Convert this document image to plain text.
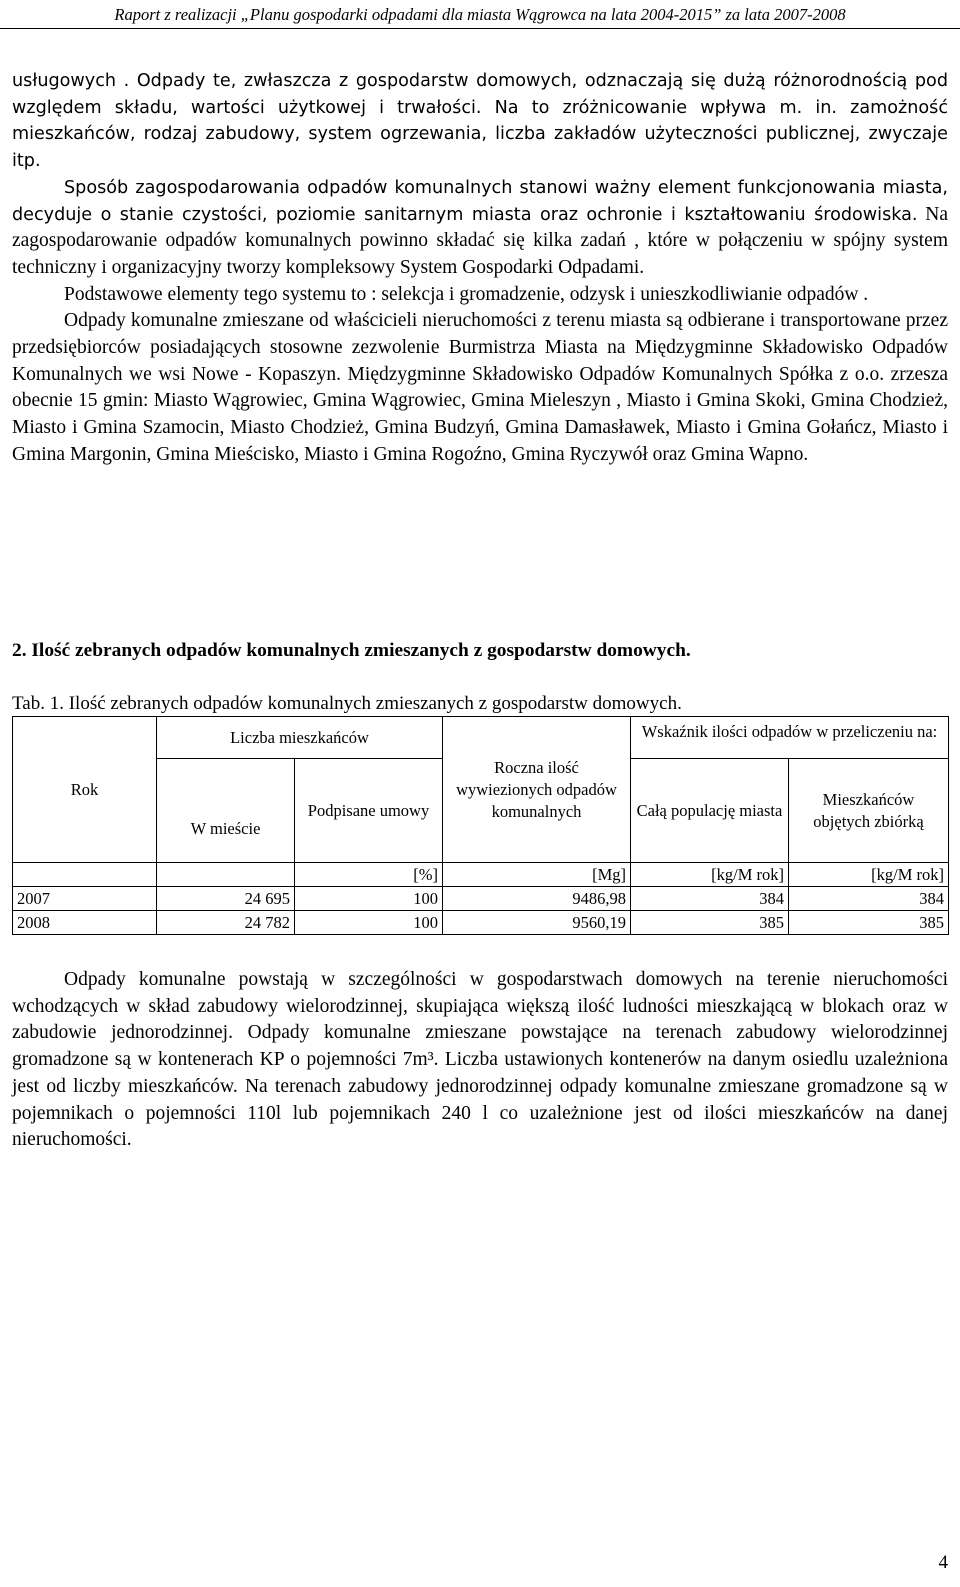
Raport z realizacji „Planu gospodarki odpadami dla miasta Wągrowca na lata 2004-2015” za lata 2007-2008

usługowych . Odpady te, zwłaszcza z gospodarstw domowych, odznaczają się dużą różnorodnością pod względem składu, wartości użytkowej i trwałości. Na to zróżnicowanie wpływa m. in. zamożność mieszkańców, rodzaj zabudowy, system ogrzewania, liczba zakładów użyteczności publicznej, zwyczaje itp.

Sposób zagospodarowania odpadów komunalnych stanowi ważny element funkcjonowania miasta, decyduje o stanie czystości, poziomie sanitarnym miasta oraz ochronie i kształtowaniu środowiska. Na zagospodarowanie odpadów komunalnych powinno składać się kilka zadań , które w połączeniu w spójny system techniczny i organizacyjny tworzy kompleksowy System Gospodarki Odpadami.

Podstawowe elementy tego systemu to : selekcja i gromadzenie, odzysk i unieszkodliwianie odpadów .

Odpady komunalne zmieszane od właścicieli nieruchomości z terenu miasta są odbierane i transportowane przez przedsiębiorców posiadających stosowne zezwolenie Burmistrza Miasta na Międzygminne Składowisko Odpadów Komunalnych we wsi Nowe - Kopaszyn. Międzygminne Składowisko Odpadów Komunalnych Spółka z o.o. zrzesza obecnie 15 gmin: Miasto Wągrowiec, Gmina Wągrowiec, Gmina Mieleszyn , Miasto i Gmina Skoki, Gmina Chodzież, Miasto i Gmina Szamocin, Miasto Chodzież, Gmina Budzyń, Gmina Damasławek, Miasto i Gmina Gołańcz, Miasto i Gmina Margonin, Gmina Mieścisko, Miasto i Gmina Rogoźno, Gmina Ryczywół oraz Gmina Wapno.

2. Ilość zebranych odpadów komunalnych zmieszanych z gospodarstw domowych.
Tab. 1. Ilość zebranych odpadów komunalnych zmieszanych z gospodarstw domowych.
Rok	Liczba mieszkańców		Roczna ilość wywiezionych odpadów komunalnych	Wskaźnik ilości odpadów w przeliczeniu na:	
	W mieście	Podpisane umowy		Całą populację miasta	Mieszkańców objętych zbiórką
		[%]	[Mg]	[kg/M rok]	[kg/M rok]
2007	24 695	100	9486,98	384	384
2008	24 782	100	9560,19	385	385

Odpady komunalne powstają w szczególności w gospodarstwach domowych na terenie nieruchomości wchodzących w skład zabudowy wielorodzinnej, skupiająca większą ilość ludności mieszkającą w blokach oraz w zabudowie jednorodzinnej. Odpady komunalne zmieszane powstające na terenach zabudowy wielorodzinnej gromadzone są w kontenerach KP o pojemności 7m³. Liczba ustawionych kontenerów na danym osiedlu uzależniona jest od liczby mieszkańców. Na terenach zabudowy jednorodzinnej odpady komunalne zmieszane gromadzone są w pojemnikach o pojemności 110l lub pojemnikach 240 l co uzależnione jest od ilości mieszkańców na danej nieruchomości.

4
